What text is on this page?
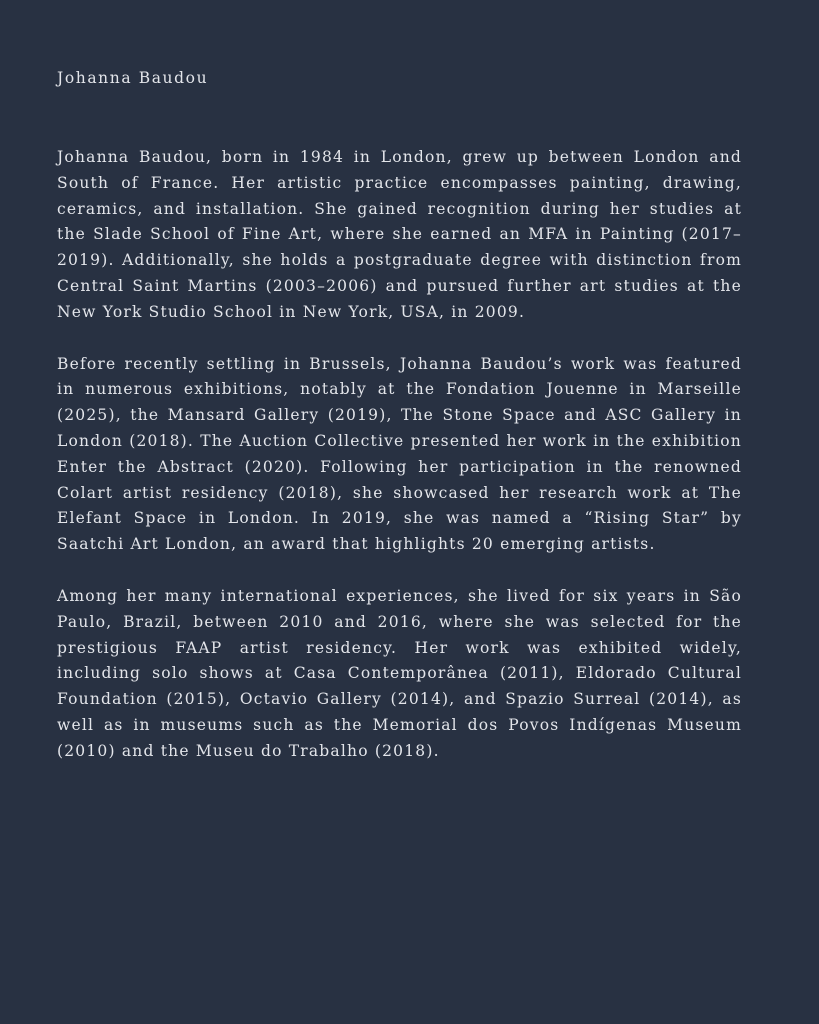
Johanna Baudou

Johanna Baudou, born in 1984 in London, grew up between London and South of France. Her artistic practice encompasses painting, drawing, ceramics, and installation. She gained recognition during her studies at the Slade School of Fine Art, where she earned an MFA in Painting (2017–2019). Additionally, she holds a postgraduate degree with distinction from Central Saint Martins (2003–2006) and pursued further art studies at the New York Studio School in New York, USA, in 2009.

Before recently settling in Brussels, Johanna Baudou’s work was featured in numerous exhibitions, notably at the Fondation Jouenne in Marseille (2025), the Mansard Gallery (2019), The Stone Space and ASC Gallery in London (2018). The Auction Collective presented her work in the exhibition Enter the Abstract (2020). Following her participation in the renowned Colart artist residency (2018), she showcased her research work at The Elefant Space in London. In 2019, she was named a “Rising Star” by Saatchi Art London, an award that highlights 20 emerging artists.

Among her many international experiences, she lived for six years in São Paulo, Brazil, between 2010 and 2016, where she was selected for the prestigious FAAP artist residency. Her work was exhibited widely, including solo shows at Casa Contemporânea (2011), Eldorado Cultural Foundation (2015), Octavio Gallery (2014), and Spazio Surreal (2014), as well as in museums such as the Memorial dos Povos Indígenas Museum (2010) and the Museu do Trabalho (2018).
